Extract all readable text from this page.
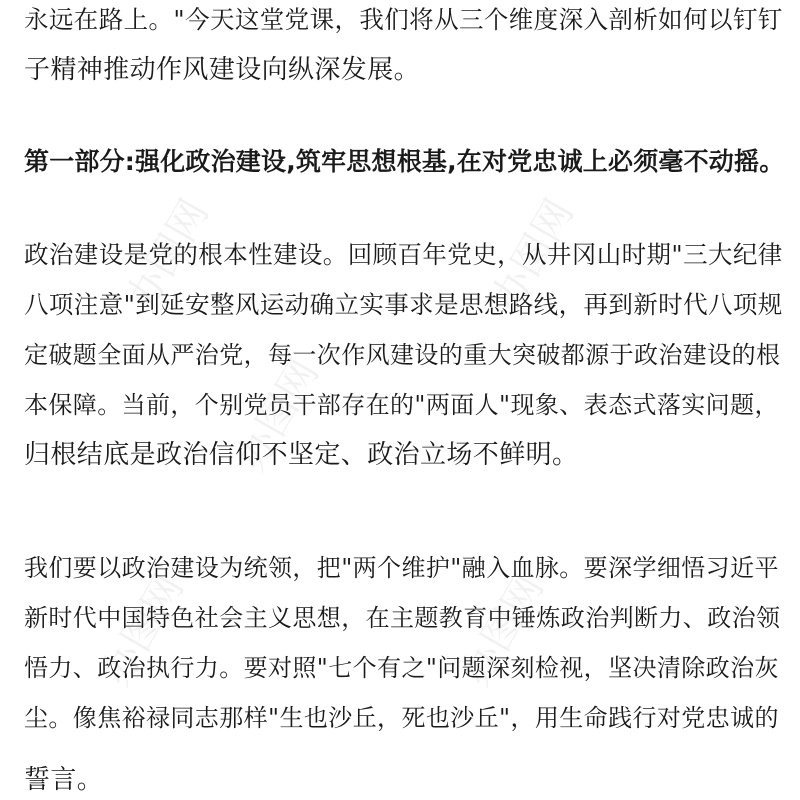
办图网	办图网
办图网
办图网	办图网
永远在路上。"今天这堂党课，我们将从三个维度深入剖析如何以钉钉
子精神推动作风建设向纵深发展。
第一部分:强化政治建设,筑牢思想根基,在对党忠诚上必须毫不动摇。
政治建设是党的根本性建设。回顾百年党史，从井冈山时期"三大纪律
八项注意"到延安整风运动确立实事求是思想路线，再到新时代八项规
定破题全面从严治党，每一次作风建设的重大突破都源于政治建设的根
本保障。当前，个别党员干部存在的"两面人"现象、表态式落实问题，
归根结底是政治信仰不坚定、政治立场不鲜明。
我们要以政治建设为统领，把"两个维护"融入血脉。要深学细悟习近平
新时代中国特色社会主义思想，在主题教育中锤炼政治判断力、政治领
悟力、政治执行力。要对照"七个有之"问题深刻检视，坚决清除政治灰
尘。像焦裕禄同志那样"生也沙丘，死也沙丘"，用生命践行对党忠诚的
誓言。
